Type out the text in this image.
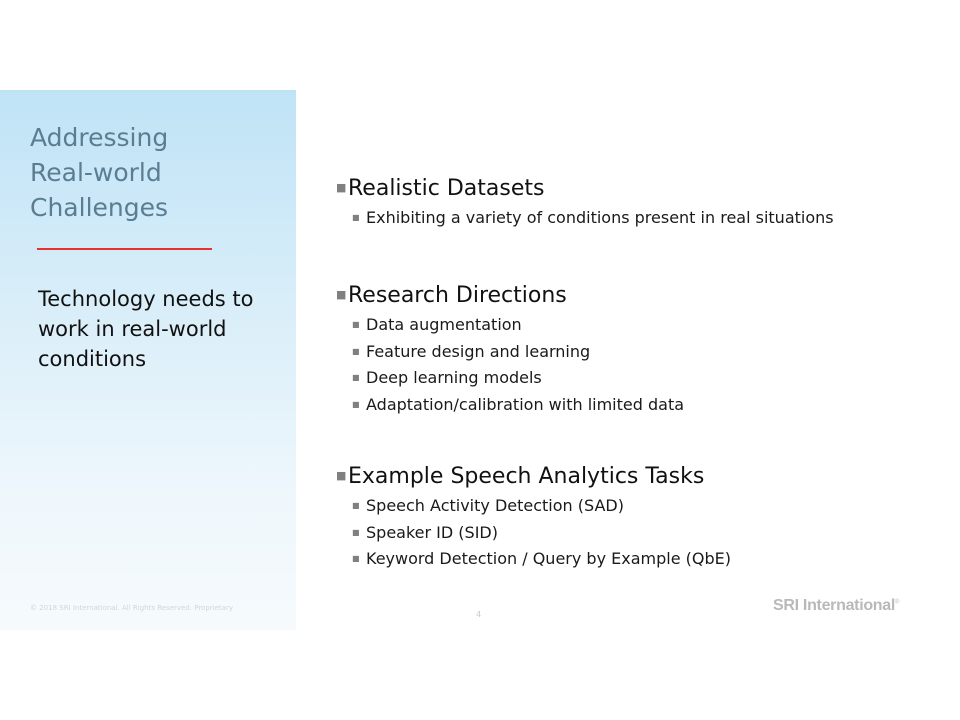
Addressing
Real-world
Challenges
Technology needs to
work in real-world
conditions
© 2018 SRI International. All Rights Reserved. Proprietary
■ Realistic Datasets
■ Exhibiting a variety of conditions present in real situations
■ Research Directions
■ Data augmentation
■ Feature design and learning
■ Deep learning models
■ Adaptation/calibration with limited data
■ Example Speech Analytics Tasks
■ Speech Activity Detection (SAD)
■ Speaker ID (SID)
■ Keyword Detection / Query by Example (QbE)
4
SRI International®
